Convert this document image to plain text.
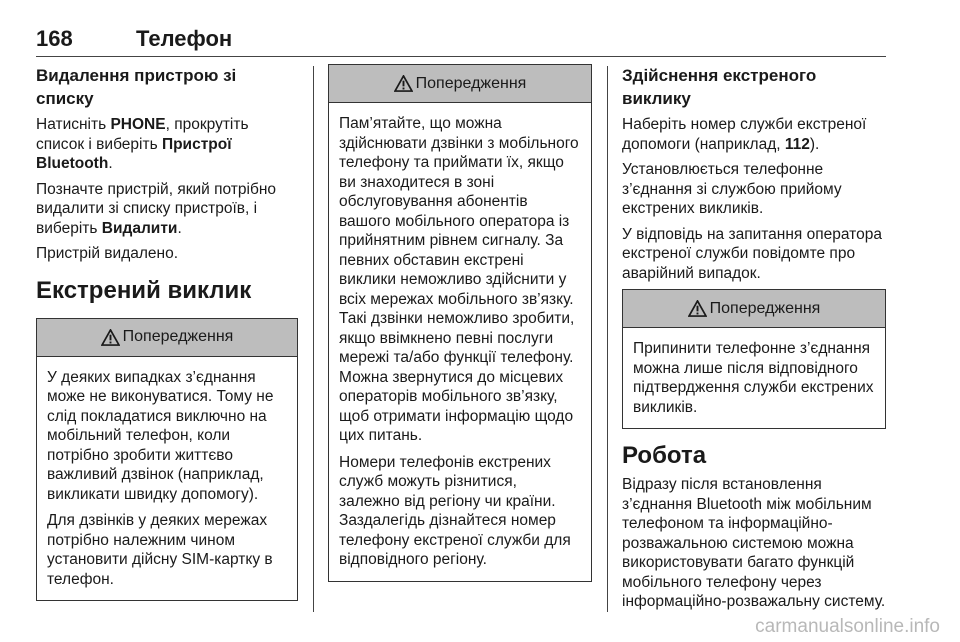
168	Телефон
Видалення пристрою зі списку

Натисніть PHONE, прокрутіть список і виберіть Пристрої Bluetooth.

Позначте пристрій, який потрібно видалити зі списку пристроїв, і виберіть Видалити.

Пристрій видалено.

Екстрений виклик
Попередження

У деяких випадках з’єднання може не виконуватися. Тому не слід покладатися виключно на мобільний телефон, коли потрібно зробити життєво важливий дзвінок (наприклад, викликати швидку допомогу).

Для дзвінків у деяких мережах потрібно належним чином установити дійсну SIM-картку в телефон.

Попередження

Пам’ятайте, що можна здійснювати дзвінки з мобільного телефону та приймати їх, якщо ви знаходитеся в зоні обслуговування абонентів вашого мобільного оператора із прийнятним рівнем сигналу. За певних обставин екстрені виклики неможливо здійснити у всіх мережах мобільного зв’язку. Такі дзвінки неможливо зробити, якщо ввімкнено певні послуги мережі та/або функції телефону. Можна звернутися до місцевих операторів мобільного зв’язку, щоб отримати інформацію щодо цих питань.

Номери телефонів екстрених служб можуть різнитися, залежно від регіону чи країни. Заздалегідь дізнайтеся номер телефону екстреної служби для відповідного регіону.

Здійснення екстреного виклику

Наберіть номер служби екстреної допомоги (наприклад, 112).

Установлюється телефонне з’єднання зі службою прийому екстрених викликів.

У відповідь на запитання оператора екстреної служби повідомте про аварійний випадок.

Попередження

Припинити телефонне з’єднання можна лише після відповідного підтвердження служби екстрених викликів.

Робота

Відразу після встановлення з’єднання Bluetooth між мобільним телефоном та інформаційно-розважальною системою можна використовувати багато функцій мобільного телефону через інформаційно-розважальну систему.

carmanualsonline.info
